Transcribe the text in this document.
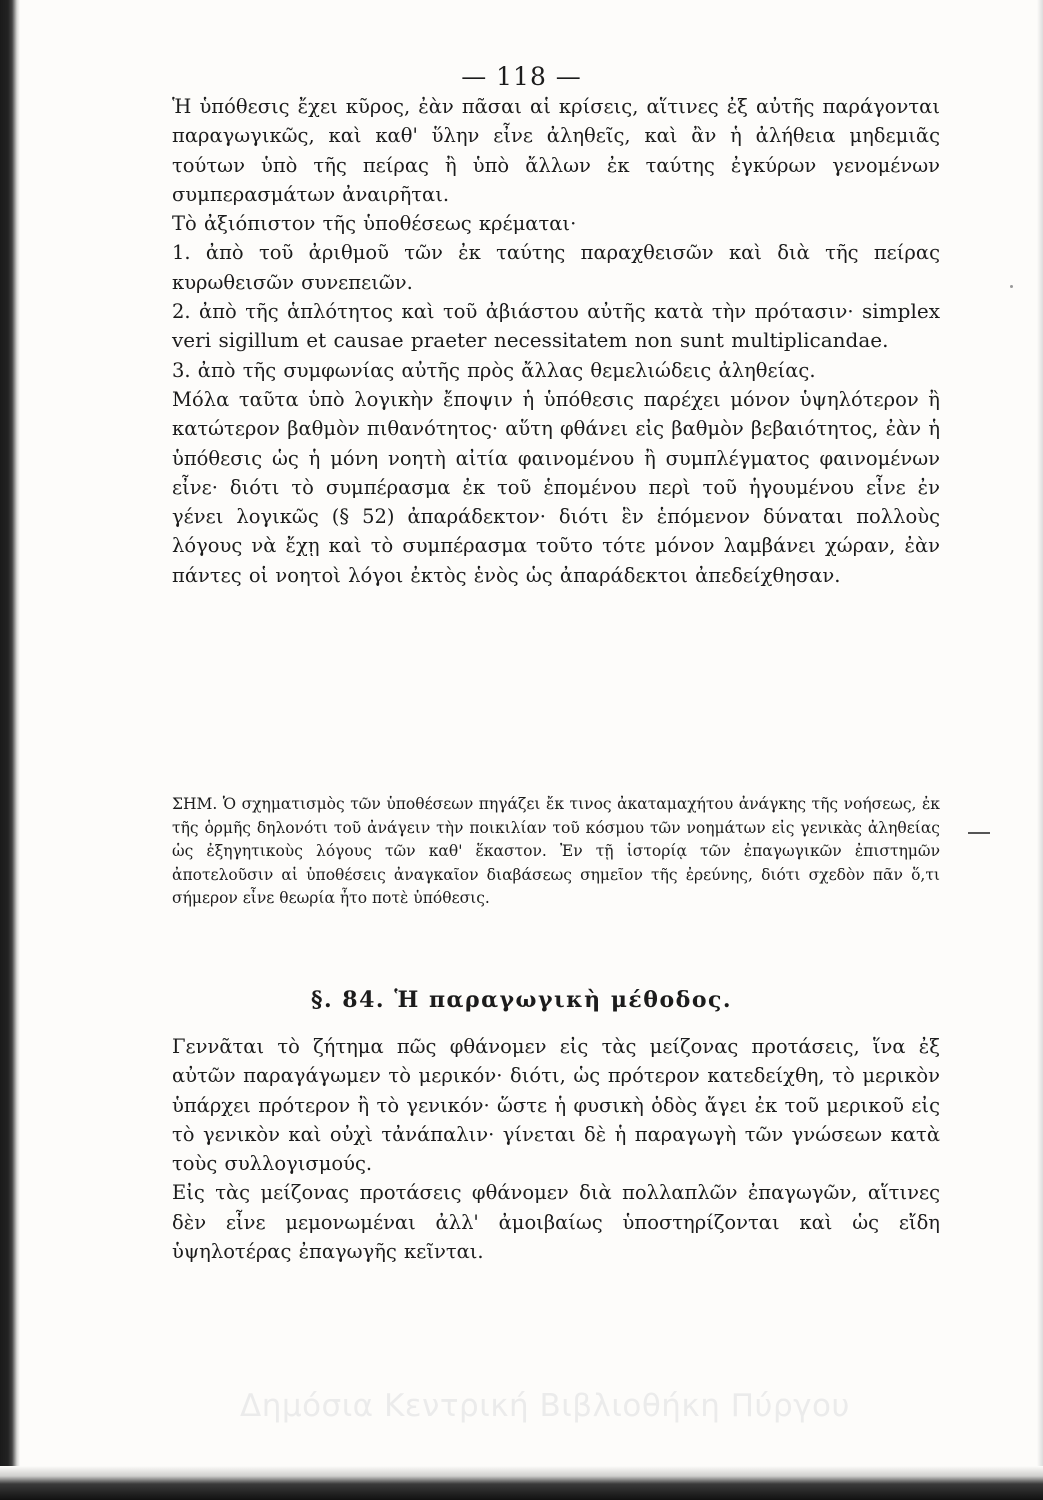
— 118 —

Ἡ ὑπόθεσις ἔχει κῦρος, ἐὰν πᾶσαι αἱ κρίσεις, αἵτινες ἐξ αὐτῆς παράγονται παραγωγικῶς, καὶ καθ' ὕλην εἶνε ἀληθεῖς, καὶ ἂν ἡ ἀλήθεια μηδεμιᾶς τούτων ὑπὸ τῆς πείρας ἢ ὑπὸ ἄλλων ἐκ ταύτης ἐγκύρων γενομένων συμπερασμάτων ἀναιρῆται.

Τὸ ἀξιόπιστον τῆς ὑποθέσεως κρέμαται·

1. ἀπὸ τοῦ ἀριθμοῦ τῶν ἐκ ταύτης παραχθεισῶν καὶ διὰ τῆς πείρας κυρωθεισῶν συνεπειῶν.

2. ἀπὸ τῆς ἁπλότητος καὶ τοῦ ἀβιάστου αὐτῆς κατὰ τὴν πρότασιν· simplex veri sigillum et causae praeter necessitatem non sunt multiplicandae.

3. ἀπὸ τῆς συμφωνίας αὐτῆς πρὸς ἄλλας θεμελιώδεις ἀληθείας.

Μόλα ταῦτα ὑπὸ λογικὴν ἔποψιν ἡ ὑπόθεσις παρέχει μόνον ὑψηλότερον ἢ κατώτερον βαθμὸν πιθανότητος· αὕτη φθάνει εἰς βαθμὸν βεβαιότητος, ἐὰν ἡ ὑπόθεσις ὡς ἡ μόνη νοητὴ αἰτία φαινομένου ἢ συμπλέγματος φαινομένων εἶνε· διότι τὸ συμπέρασμα ἐκ τοῦ ἑπομένου περὶ τοῦ ἡγουμένου εἶνε ἐν γένει λογικῶς (§ 52) ἀπαράδεκτον· διότι ἓν ἑπόμενον δύναται πολλοὺς λόγους νὰ ἔχῃ καὶ τὸ συμπέρασμα τοῦτο τότε μόνον λαμβάνει χώραν, ἐὰν πάντες οἱ νοητοὶ λόγοι ἐκτὸς ἑνὸς ὡς ἀπαράδεκτοι ἀπεδείχθησαν.

ΣΗΜ. Ὁ σχηματισμὸς τῶν ὑποθέσεων πηγάζει ἔκ τινος ἀκαταμαχήτου ἀνάγκης τῆς νοήσεως, ἐκ τῆς ὁρμῆς δηλονότι τοῦ ἀνάγειν τὴν ποικιλίαν τοῦ κόσμου τῶν νοημάτων εἰς γενικὰς ἀληθείας ὡς ἐξηγητικοὺς λόγους τῶν καθ' ἕκαστον. Ἐν τῇ ἱστορίᾳ τῶν ἐπαγωγικῶν ἐπιστημῶν ἀποτελοῦσιν αἱ ὑποθέσεις ἀναγκαῖον διαβάσεως σημεῖον τῆς ἐρεύνης, διότι σχεδὸν πᾶν ὅ,τι σήμερον εἶνε θεωρία ἦτο ποτὲ ὑπόθεσις.

§. 84. Ἡ παραγωγικὴ μέθοδος.

Γεννᾶται τὸ ζήτημα πῶς φθάνομεν εἰς τὰς μείζονας προτάσεις, ἵνα ἐξ αὐτῶν παραγάγωμεν τὸ μερικόν· διότι, ὡς πρότερον κατεδείχθη, τὸ μερικὸν ὑπάρχει πρότερον ἢ τὸ γενικόν· ὥστε ἡ φυσικὴ ὁδὸς ἄγει ἐκ τοῦ μερικοῦ εἰς τὸ γενικὸν καὶ οὐχὶ τἀνάπαλιν· γίνεται δὲ ἡ παραγωγὴ τῶν γνώσεων κατὰ τοὺς συλλογισμούς.

Εἰς τὰς μείζονας προτάσεις φθάνομεν διὰ πολλαπλῶν ἐπαγωγῶν, αἵτινες δὲν εἶνε μεμονωμέναι ἀλλ' ἀμοιβαίως ὑποστηρίζονται καὶ ὡς εἴδη ὑψηλοτέρας ἐπαγωγῆς κεῖνται.

Δημόσια Κεντρική Βιβλιοθήκη Πύργου
